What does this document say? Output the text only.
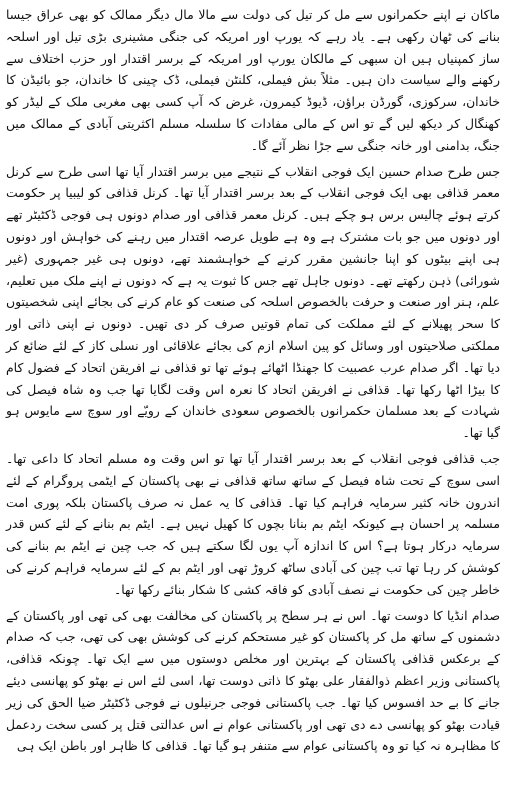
ماکان نے اپنے حکمرانوں سے مل کر تیل کی دولت سے مالا مال دیگر ممالک کو بھی عراق جیسا بنانے کی ٹھان رکھی ہے۔ یاد رہے کہ یورپ اور امریکہ کی جنگی مشینری بڑی تیل اور اسلحہ ساز کمپنیاں ہیں ان سبھی کے مالکان یورپ اور امریکہ کے برسر اقتدار اور حزب اختلاف سے رکھنے والے سیاست دان ہیں۔ مثلاً بش فیملی، کلنٹن فیملی، ڈک چینی کا خاندان، جو بائیڈن کا خاندان، سرکوزی، گورڈن براؤن، ڈیوڈ کیمرون، غرض کہ آپ کسی بھی مغربی ملک کے لیڈر کو کھنگال کر دیکھ لیں گے تو اس کے مالی مفادات کا سلسلہ مسلم اکثریتی آبادی کے ممالک میں جنگ، بدامنی اور خانہ جنگی سے جڑا نظر آئے گا۔

جس طرح صدام حسین ایک فوجی انقلاب کے نتیجے میں برسر اقتدار آیا تھا اسی طرح سے کرنل معمر قذافی بھی ایک فوجی انقلاب کے بعد برسر اقتدار آیا تھا۔ کرنل قذافی کو لیبیا پر حکومت کرتے ہوئے چالیس برس ہو چکے ہیں۔ کرنل معمر قذافی اور صدام دونوں ہی فوجی ڈکٹیٹر تھے اور دونوں میں جو بات مشترک ہے وہ ہے طویل عرصہ اقتدار میں رہنے کی خواہش اور دونوں ہی اپنے بیٹوں کو اپنا جانشین مقرر کرنے کے خواہشمند تھے، دونوں ہی غیر جمہوری (غیر شورائی) ذہن رکھتے تھے۔ دونوں جاہل تھے جس کا ثبوت یہ ہے کہ دونوں نے اپنے ملک میں تعلیم، علم، ہنر اور صنعت و حرفت بالخصوص اسلحہ کی صنعت کو عام کرنے کی بجائے اپنی شخصیتوں کا سحر پھیلانے کے لئے مملکت کی تمام قوتیں صرف کر دی تھیں۔ دونوں نے اپنی ذاتی اور مملکتی صلاحیتوں اور وسائل کو پین اسلام ازم کی بجائے علاقائی اور نسلی کاز کے لئے ضائع کر دیا تھا۔ اگر صدام عرب عصبیت کا جھنڈا اٹھائے ہوئے تھا تو قذافی نے افریقن اتحاد کے فضول کام کا بیڑا اٹھا رکھا تھا۔ قذافی نے افریقن اتحاد کا نعرہ اس وقت لگایا تھا جب وہ شاہ فیصل کی شہادت کے بعد مسلمان حکمرانوں بالخصوص سعودی خاندان کے رویّے اور سوچ سے مایوس ہو گیا تھا۔

جب قذافی فوجی انقلاب کے بعد برسر اقتدار آیا تھا تو اس وقت وہ مسلم اتحاد کا داعی تھا۔ اسی سوچ کے تحت شاہ فیصل کے ساتھ ساتھ قذافی نے بھی پاکستان کے ایٹمی پروگرام کے لئے اندرون خانہ کثیر سرمایہ فراہم کیا تھا۔ قذافی کا یہ عمل نہ صرف پاکستان بلکہ پوری امت مسلمہ پر احسان ہے کیونکہ ایٹم بم بنانا بچوں کا کھیل نہیں ہے۔ ایٹم بم بنانے کے لئے کس قدر سرمایہ درکار ہوتا ہے؟ اس کا اندازہ آپ یوں لگا سکتے ہیں کہ جب چین نے ایٹم بم بنانے کی کوشش کر رہا تھا تب چین کی آبادی ساٹھ کروڑ تھی اور ایٹم بم کے لئے سرمایہ فراہم کرنے کی خاطر چین کی حکومت نے نصف آبادی کو فاقہ کشی کا شکار بنائے رکھا تھا۔

صدام انڈیا کا دوست تھا۔ اس نے ہر سطح پر پاکستان کی مخالفت بھی کی تھی اور پاکستان کے دشمنوں کے ساتھ مل کر پاکستان کو غیر مستحکم کرنے کی کوشش بھی کی تھی، جب کہ صدام کے برعکس قذافی پاکستان کے بہترین اور مخلص دوستوں میں سے ایک تھا۔ چونکہ قذافی، پاکستانی وزیر اعظم ذوالفقار علی بھٹو کا ذاتی دوست تھا، اسی لئے اس نے بھٹو کو پھانسی دیئے جانے کا بے حد افسوس کیا تھا۔ جب پاکستانی فوجی جرنیلوں نے فوجی ڈکٹیٹر ضیا الحق کی زیر قیادت بھٹو کو پھانسی دے دی تھی اور پاکستانی عوام نے اس عدالتی قتل پر کسی سخت ردعمل کا مظاہرہ نہ کیا تو وہ پاکستانی عوام سے متنفر ہو گیا تھا۔ قذافی کا ظاہر اور باطن ایک ہی
